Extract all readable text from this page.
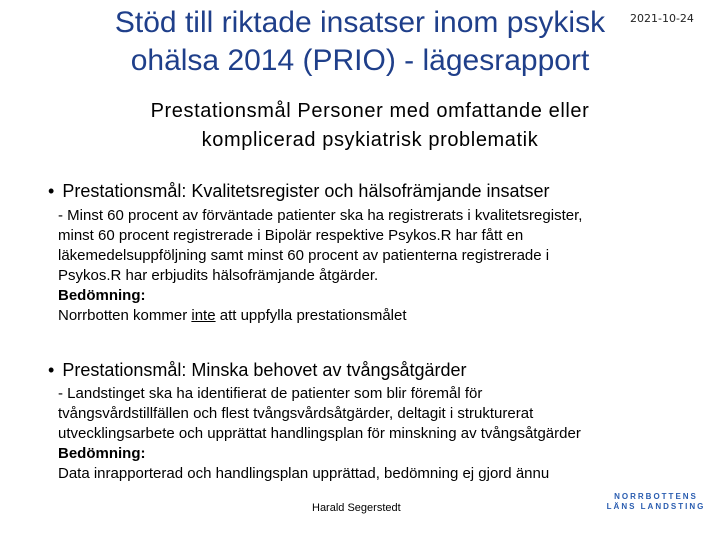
Stöd till riktade insatser inom psykisk
ohälsa 2014 (PRIO) - lägesrapport
2021-10-24
Prestationsmål Personer med omfattande eller
komplicerad psykiatrisk problematik
• Prestationsmål: Kvalitetsregister och hälsofrämjande insatser

- Minst 60 procent av förväntade patienter ska ha registrerats i kvalitetsregister,

minst 60 procent registrerade i Bipolär respektive Psykos.R har fått en

läkemedelsuppföljning samt minst 60 procent av patienterna registrerade i

Psykos.R har erbjudits hälsofrämjande åtgärder.

Bedömning:

Norrbotten kommer inte att uppfylla prestationsmålet

• Prestationsmål: Minska behovet av tvångsåtgärder

- Landstinget ska ha identifierat de patienter som blir föremål för

tvångsvårdstillfällen och flest tvångsvårdsåtgärder, deltagit i strukturerat

utvecklingsarbete och upprättat handlingsplan för minskning av tvångsåtgärder

Bedömning:

Data inrapporterad och handlingsplan upprättad, bedömning ej gjord ännu

Harald Segerstedt
NORRBOTTENS
LÄNS LANDSTING
